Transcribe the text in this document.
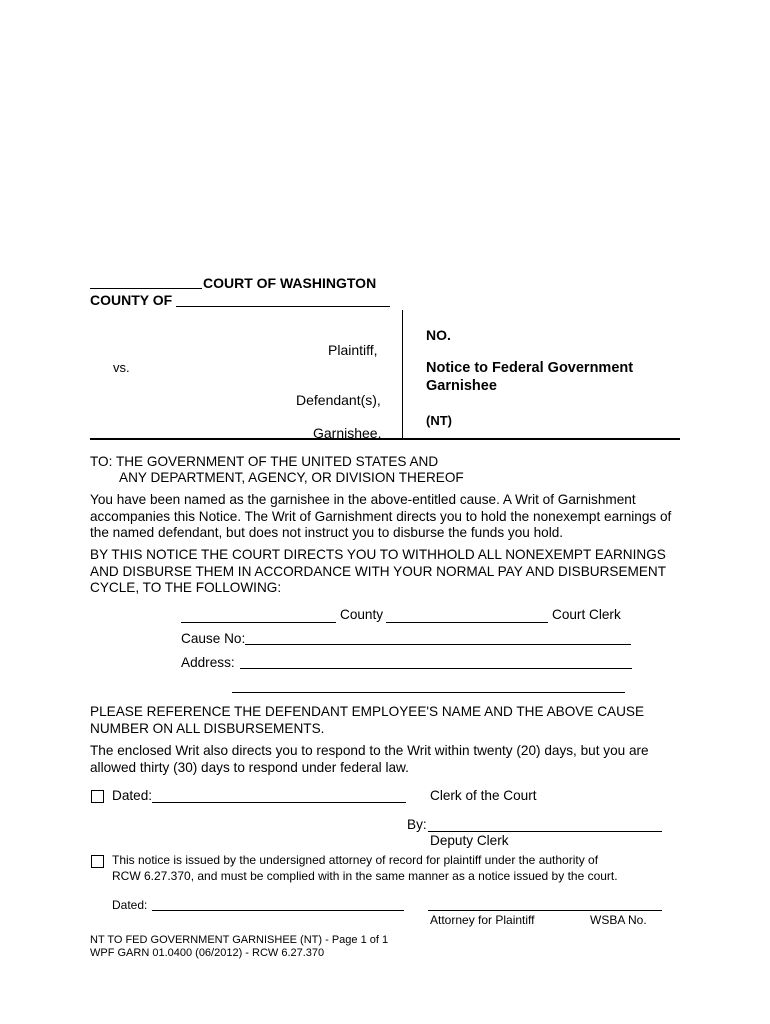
COURT OF WASHINGTON
COUNTY OF
Plaintiff,
vs.
Defendant(s),
Garnishee.
NO.
Notice to Federal Government
Garnishee
(NT)
TO: THE GOVERNMENT OF THE UNITED STATES AND
ANY DEPARTMENT, AGENCY, OR DIVISION THEREOF
You have been named as the garnishee in the above-entitled cause. A Writ of Garnishment accompanies this Notice. The Writ of Garnishment directs you to hold the nonexempt earnings of the named defendant, but does not instruct you to disburse the funds you hold.
BY THIS NOTICE THE COURT DIRECTS YOU TO WITHHOLD ALL NONEXEMPT EARNINGS AND DISBURSE THEM IN ACCORDANCE WITH YOUR NORMAL PAY AND DISBURSEMENT CYCLE, TO THE FOLLOWING:
County	Court Clerk
Cause No:
Address:
PLEASE REFERENCE THE DEFENDANT EMPLOYEE'S NAME AND THE ABOVE CAUSE NUMBER ON ALL DISBURSEMENTS.
The enclosed Writ also directs you to respond to the Writ within twenty (20) days, but you are allowed thirty (30) days to respond under federal law.
Dated:	Clerk of the Court
By:
Deputy Clerk
This notice is issued by the undersigned attorney of record for plaintiff under the authority of
RCW 6.27.370, and must be complied with in the same manner as a notice issued by the court.
Dated:
Attorney for Plaintiff	WSBA No.
NT TO FED GOVERNMENT GARNISHEE (NT) - Page 1 of 1
WPF GARN 01.0400 (06/2012) - RCW 6.27.370
